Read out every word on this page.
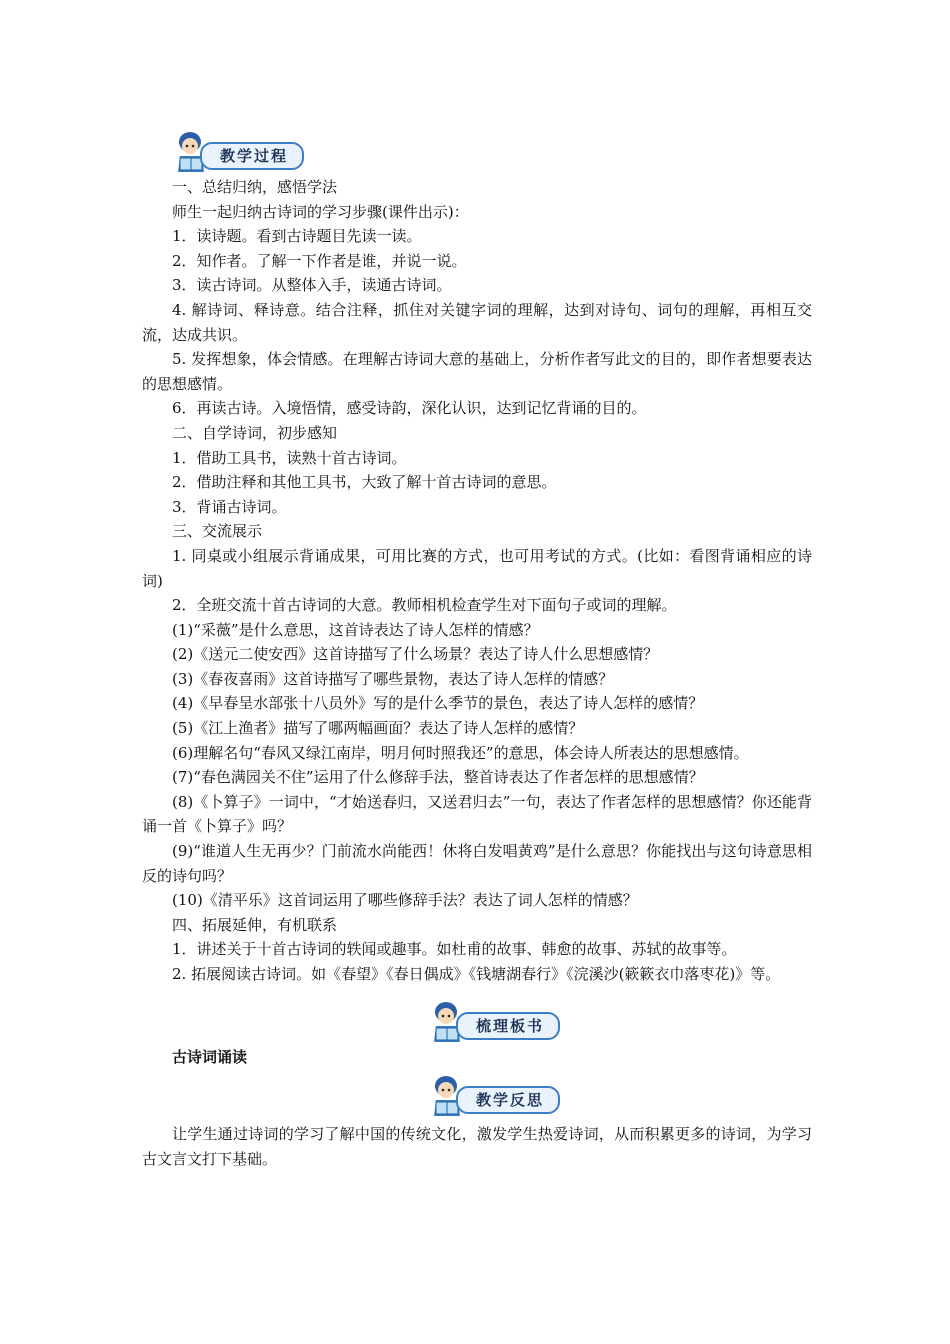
教学过程

一、总结归纳，感悟学法

师生一起归纳古诗词的学习步骤(课件出示)：

1．读诗题。看到古诗题目先读一读。

2．知作者。了解一下作者是谁，并说一说。

3．读古诗词。从整体入手，读通古诗词。

4. 解诗词、释诗意。结合注释，抓住对关键字词的理解，达到对诗句、词句的理解，再相互交流，达成共识。

5. 发挥想象，体会情感。在理解古诗词大意的基础上，分析作者写此文的目的，即作者想要表达的思想感情。

6．再读古诗。入境悟情，感受诗韵，深化认识，达到记忆背诵的目的。

二、自学诗词，初步感知

1．借助工具书，读熟十首古诗词。

2．借助注释和其他工具书，大致了解十首古诗词的意思。

3．背诵古诗词。

三、交流展示

1. 同桌或小组展示背诵成果，可用比赛的方式，也可用考试的方式。(比如：看图背诵相应的诗词)

2．全班交流十首古诗词的大意。教师相机检查学生对下面句子或词的理解。

(1)“采薇”是什么意思，这首诗表达了诗人怎样的情感？

(2)《送元二使安西》这首诗描写了什么场景？表达了诗人什么思想感情？

(3)《春夜喜雨》这首诗描写了哪些景物，表达了诗人怎样的情感？

(4)《早春呈水部张十八员外》写的是什么季节的景色，表达了诗人怎样的感情？

(5)《江上渔者》描写了哪两幅画面？表达了诗人怎样的感情？

(6)理解名句“春风又绿江南岸，明月何时照我还”的意思，体会诗人所表达的思想感情。

(7)“春色满园关不住”运用了什么修辞手法，整首诗表达了作者怎样的思想感情？

(8)《卜算子》一词中，“才始送春归，又送君归去”一句，表达了作者怎样的思想感情？你还能背诵一首《卜算子》吗？

(9)“谁道人生无再少？门前流水尚能西！休将白发唱黄鸡”是什么意思？你能找出与这句诗意思相反的诗句吗？

(10)《清平乐》这首词运用了哪些修辞手法？表达了词人怎样的情感？

四、拓展延伸，有机联系

1．讲述关于十首古诗词的轶闻或趣事。如杜甫的故事、韩愈的故事、苏轼的故事等。

2. 拓展阅读古诗词。如《春望》《春日偶成》《钱塘湖春行》《浣溪沙(簌簌衣巾落枣花)》等。

梳理板书
古诗词诵读
教学反思

让学生通过诗词的学习了解中国的传统文化，激发学生热爱诗词，从而积累更多的诗词，为学习古文言文打下基础。
